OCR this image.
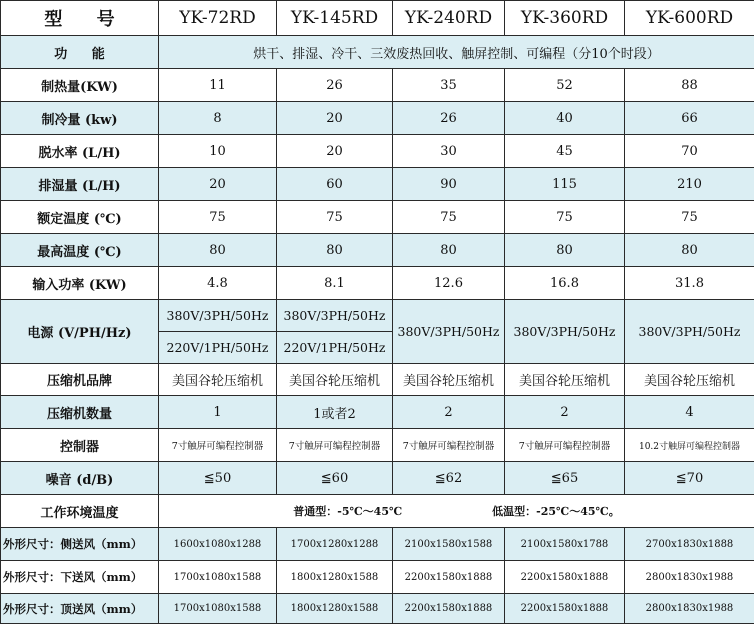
型 号	YK-72RD	YK-145RD	YK-240RD	YK-360RD	YK-600RD
功 能	烘干、排湿、冷干、三效废热回收、触屏控制、可编程（分10个时段）				
制热量(KW)	11	26	35	52	88
制冷量 (kw)	8	20	26	40	66
脱水率 (L/H)	10	20	30	45	70
排湿量 (L/H)	20	60	90	115	210
额定温度 (℃)	75	75	75	75	75
最高温度 (℃)	80	80	80	80	80
输入功率 (KW)	4.8	8.1	12.6	16.8	31.8
电源 (V/PH/Hz)	380V/3PH/50Hz	380V/3PH/50Hz	380V/3PH/50Hz	380V/3PH/50Hz	380V/3PH/50Hz
	220V/1PH/50Hz	220V/1PH/50Hz			
压缩机品牌	美国谷轮压缩机	美国谷轮压缩机	美国谷轮压缩机	美国谷轮压缩机	美国谷轮压缩机
压缩机数量	1	1或者2	2	2	4
控制器	7寸触屏可编程控制器	7寸触屏可编程控制器	7寸触屏可编程控制器	7寸触屏可编程控制器	10.2寸触屏可编程控制器
噪音 (d/B)	≦50	≦60	≦62	≦65	≦70
工作环境温度	普通型：-5℃～45℃ 低温型：-25℃～45℃。				
外形尺寸：侧送风（mm）	1600x1080x1288	1700x1280x1288	2100x1580x1588	2100x1580x1788	2700x1830x1888
外形尺寸：下送风（mm）	1700x1080x1588	1800x1280x1588	2200x1580x1888	2200x1580x1888	2800x1830x1988
外形尺寸：顶送风（mm）	1700x1080x1588	1800x1280x1588	2200x1580x1888	2200x1580x1888	2800x1830x1988
